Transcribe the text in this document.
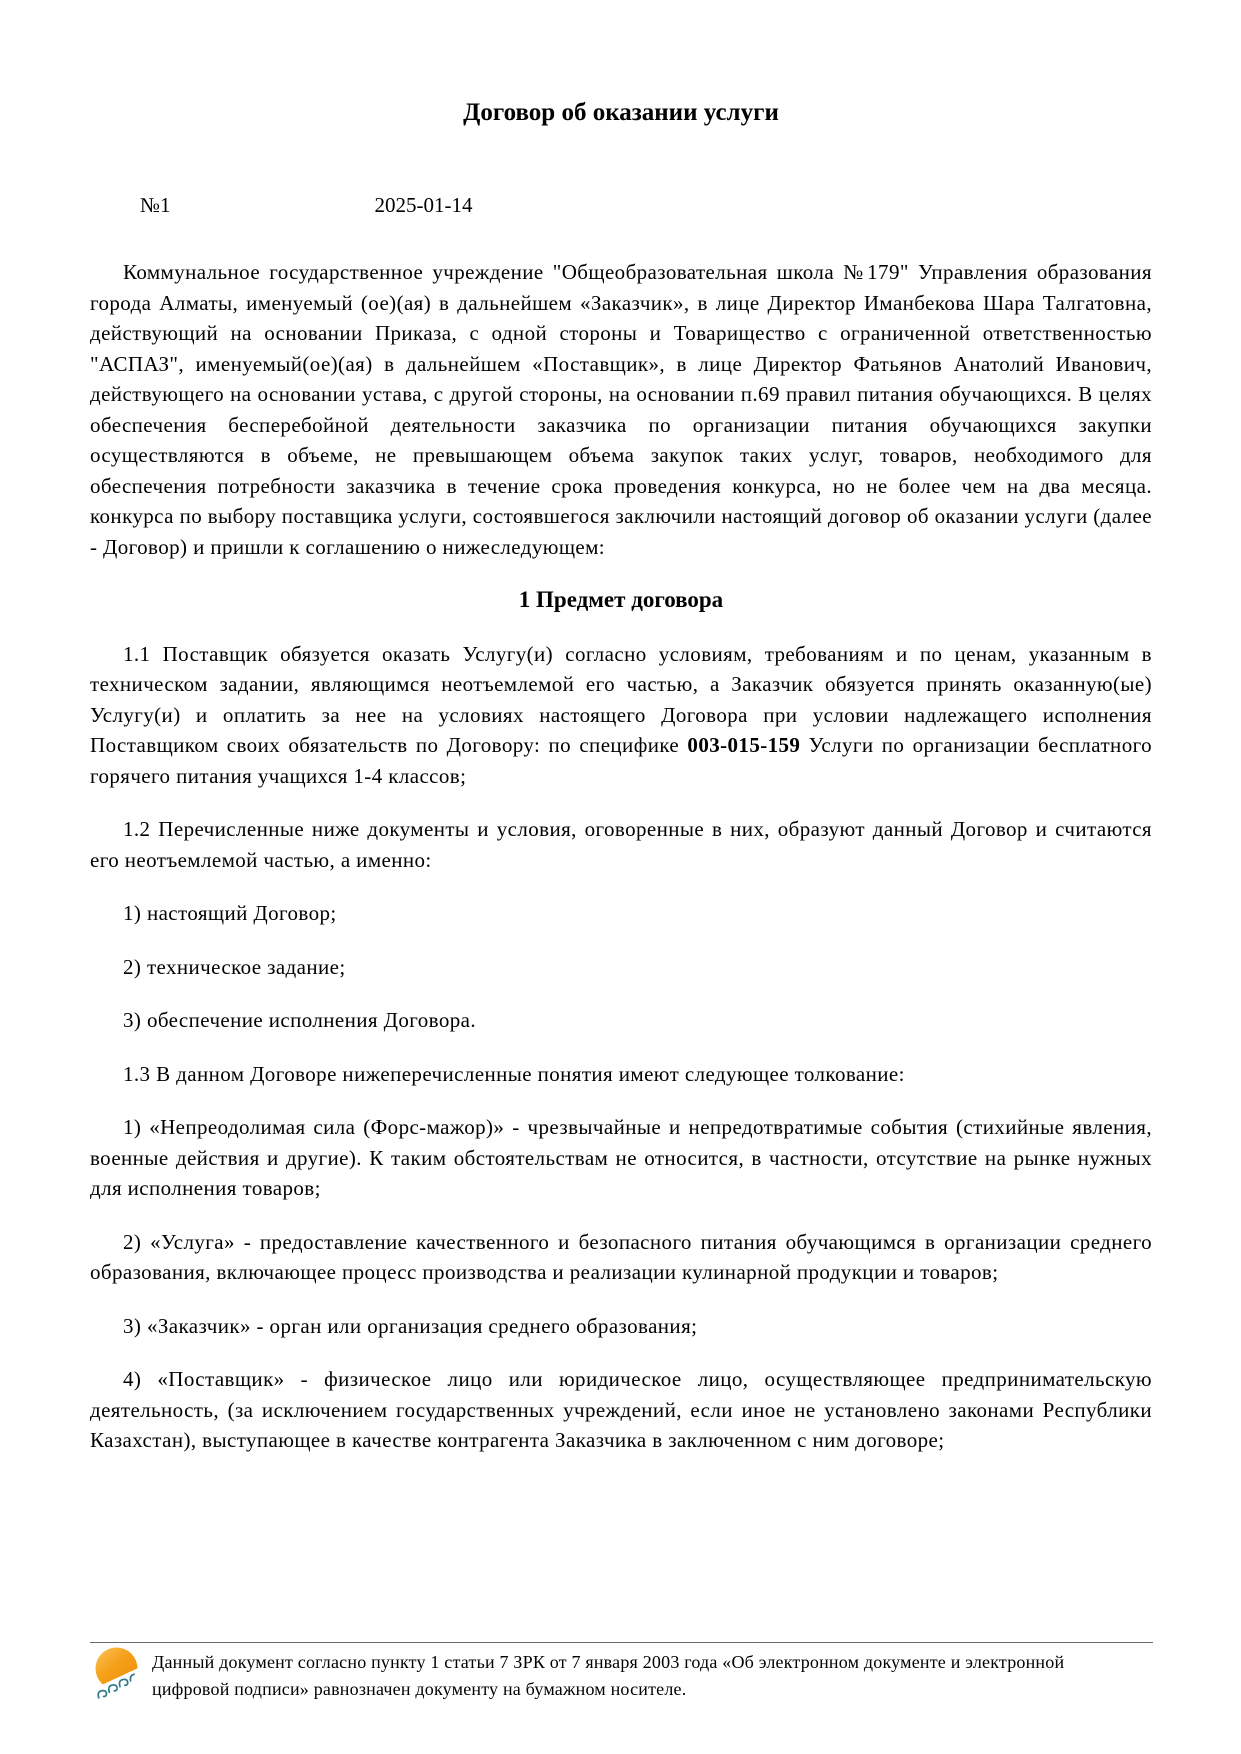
Договор об оказании услуги
№1	2025-01-14

Коммунальное государственное учреждение "Общеобразовательная школа №179" Управления образования города Алматы, именуемый (ое)(ая) в дальнейшем «Заказчик», в лице Директор Иманбекова Шара Талгатовна, действующий на основании Приказа, с одной стороны и Товарищество с ограниченной ответственностью "АСПАЗ", именуемый(ое)(ая) в дальнейшем «Поставщик», в лице Директор Фатьянов Анатолий Иванович, действующего на основании устава, с другой стороны, на основании п.69 правил питания обучающихся. В целях обеспечения бесперебойной деятельности заказчика по организации питания обучающихся закупки осуществляются в объеме, не превышающем объема закупок таких услуг, товаров, необходимого для обеспечения потребности заказчика в течение срока проведения конкурса, но не более чем на два месяца. конкурса по выбору поставщика услуги, состоявшегося заключили настоящий договор об оказании услуги (далее - Договор) и пришли к соглашению о нижеследующем:

1 Предмет договора

1.1 Поставщик обязуется оказать Услугу(и) согласно условиям, требованиям и по ценам, указанным в техническом задании, являющимся неотъемлемой его частью, а Заказчик обязуется принять оказанную(ые) Услугу(и) и оплатить за нее на условиях настоящего Договора при условии надлежащего исполнения Поставщиком своих обязательств по Договору: по специфике 003-015-159 Услуги по организации бесплатного горячего питания учащихся 1-4 классов;

1.2 Перечисленные ниже документы и условия, оговоренные в них, образуют данный Договор и считаются его неотъемлемой частью, а именно:

1) настоящий Договор;

2) техническое задание;

3) обеспечение исполнения Договора.

1.3 В данном Договоре нижеперечисленные понятия имеют следующее толкование:

1) «Непреодолимая сила (Форс-мажор)» - чрезвычайные и непредотвратимые события (стихийные явления, военные действия и другие). К таким обстоятельствам не относится, в частности, отсутствие на рынке нужных для исполнения товаров;

2) «Услуга» - предоставление качественного и безопасного питания обучающимся в организации среднего образования, включающее процесс производства и реализации кулинарной продукции и товаров;

3) «Заказчик» - орган или организация среднего образования;

4) «Поставщик» - физическое лицо или юридическое лицо, осуществляющее предпринимательскую деятельность, (за исключением государственных учреждений, если иное не установлено законами Республики Казахстан), выступающее в качестве контрагента Заказчика в заключенном с ним договоре;

Данный документ согласно пункту 1 статьи 7 ЗРК от 7 января 2003 года «Об электронном документе и электронной цифровой подписи» равнозначен документу на бумажном носителе.
